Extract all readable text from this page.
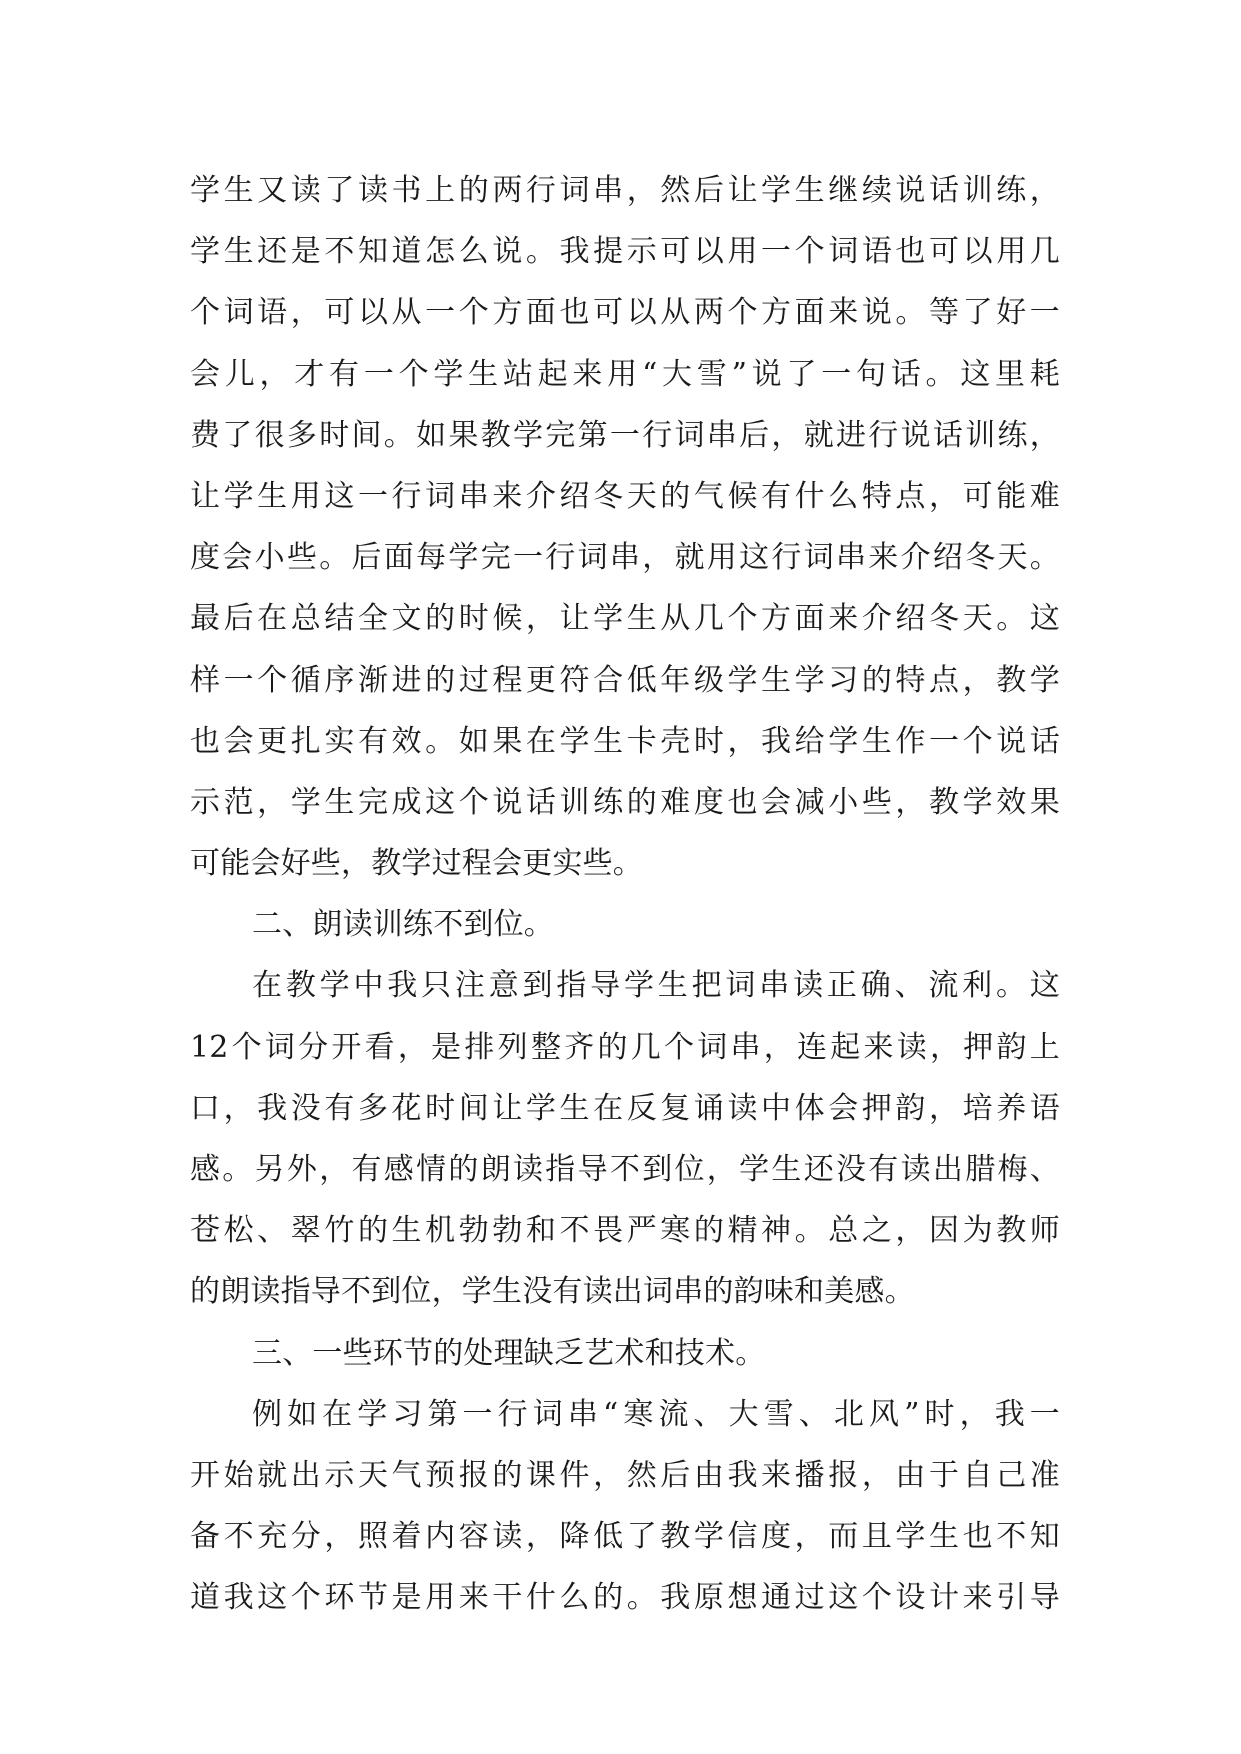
学生又读了读书上的两行词串，然后让学生继续说话训练，
学生还是不知道怎么说。我提示可以用一个词语也可以用几
个词语，可以从一个方面也可以从两个方面来说。等了好一
会儿，才有一个学生站起来用“大雪”说了一句话。这里耗
费了很多时间。如果教学完第一行词串后，就进行说话训练，
让学生用这一行词串来介绍冬天的气候有什么特点，可能难
度会小些。后面每学完一行词串，就用这行词串来介绍冬天。
最后在总结全文的时候，让学生从几个方面来介绍冬天。这
样一个循序渐进的过程更符合低年级学生学习的特点，教学
也会更扎实有效。如果在学生卡壳时，我给学生作一个说话
示范，学生完成这个说话训练的难度也会减小些，教学效果
可能会好些，教学过程会更实些。
二、朗读训练不到位。
在教学中我只注意到指导学生把词串读正确、流利。这
12个词分开看，是排列整齐的几个词串，连起来读，押韵上
口，我没有多花时间让学生在反复诵读中体会押韵，培养语
感。另外，有感情的朗读指导不到位，学生还没有读出腊梅、
苍松、翠竹的生机勃勃和不畏严寒的精神。总之，因为教师
的朗读指导不到位，学生没有读出词串的韵味和美感。
三、一些环节的处理缺乏艺术和技术。
例如在学习第一行词串“寒流、大雪、北风”时，我一
开始就出示天气预报的课件，然后由我来播报，由于自己准
备不充分，照着内容读，降低了教学信度，而且学生也不知
道我这个环节是用来干什么的。我原想通过这个设计来引导
